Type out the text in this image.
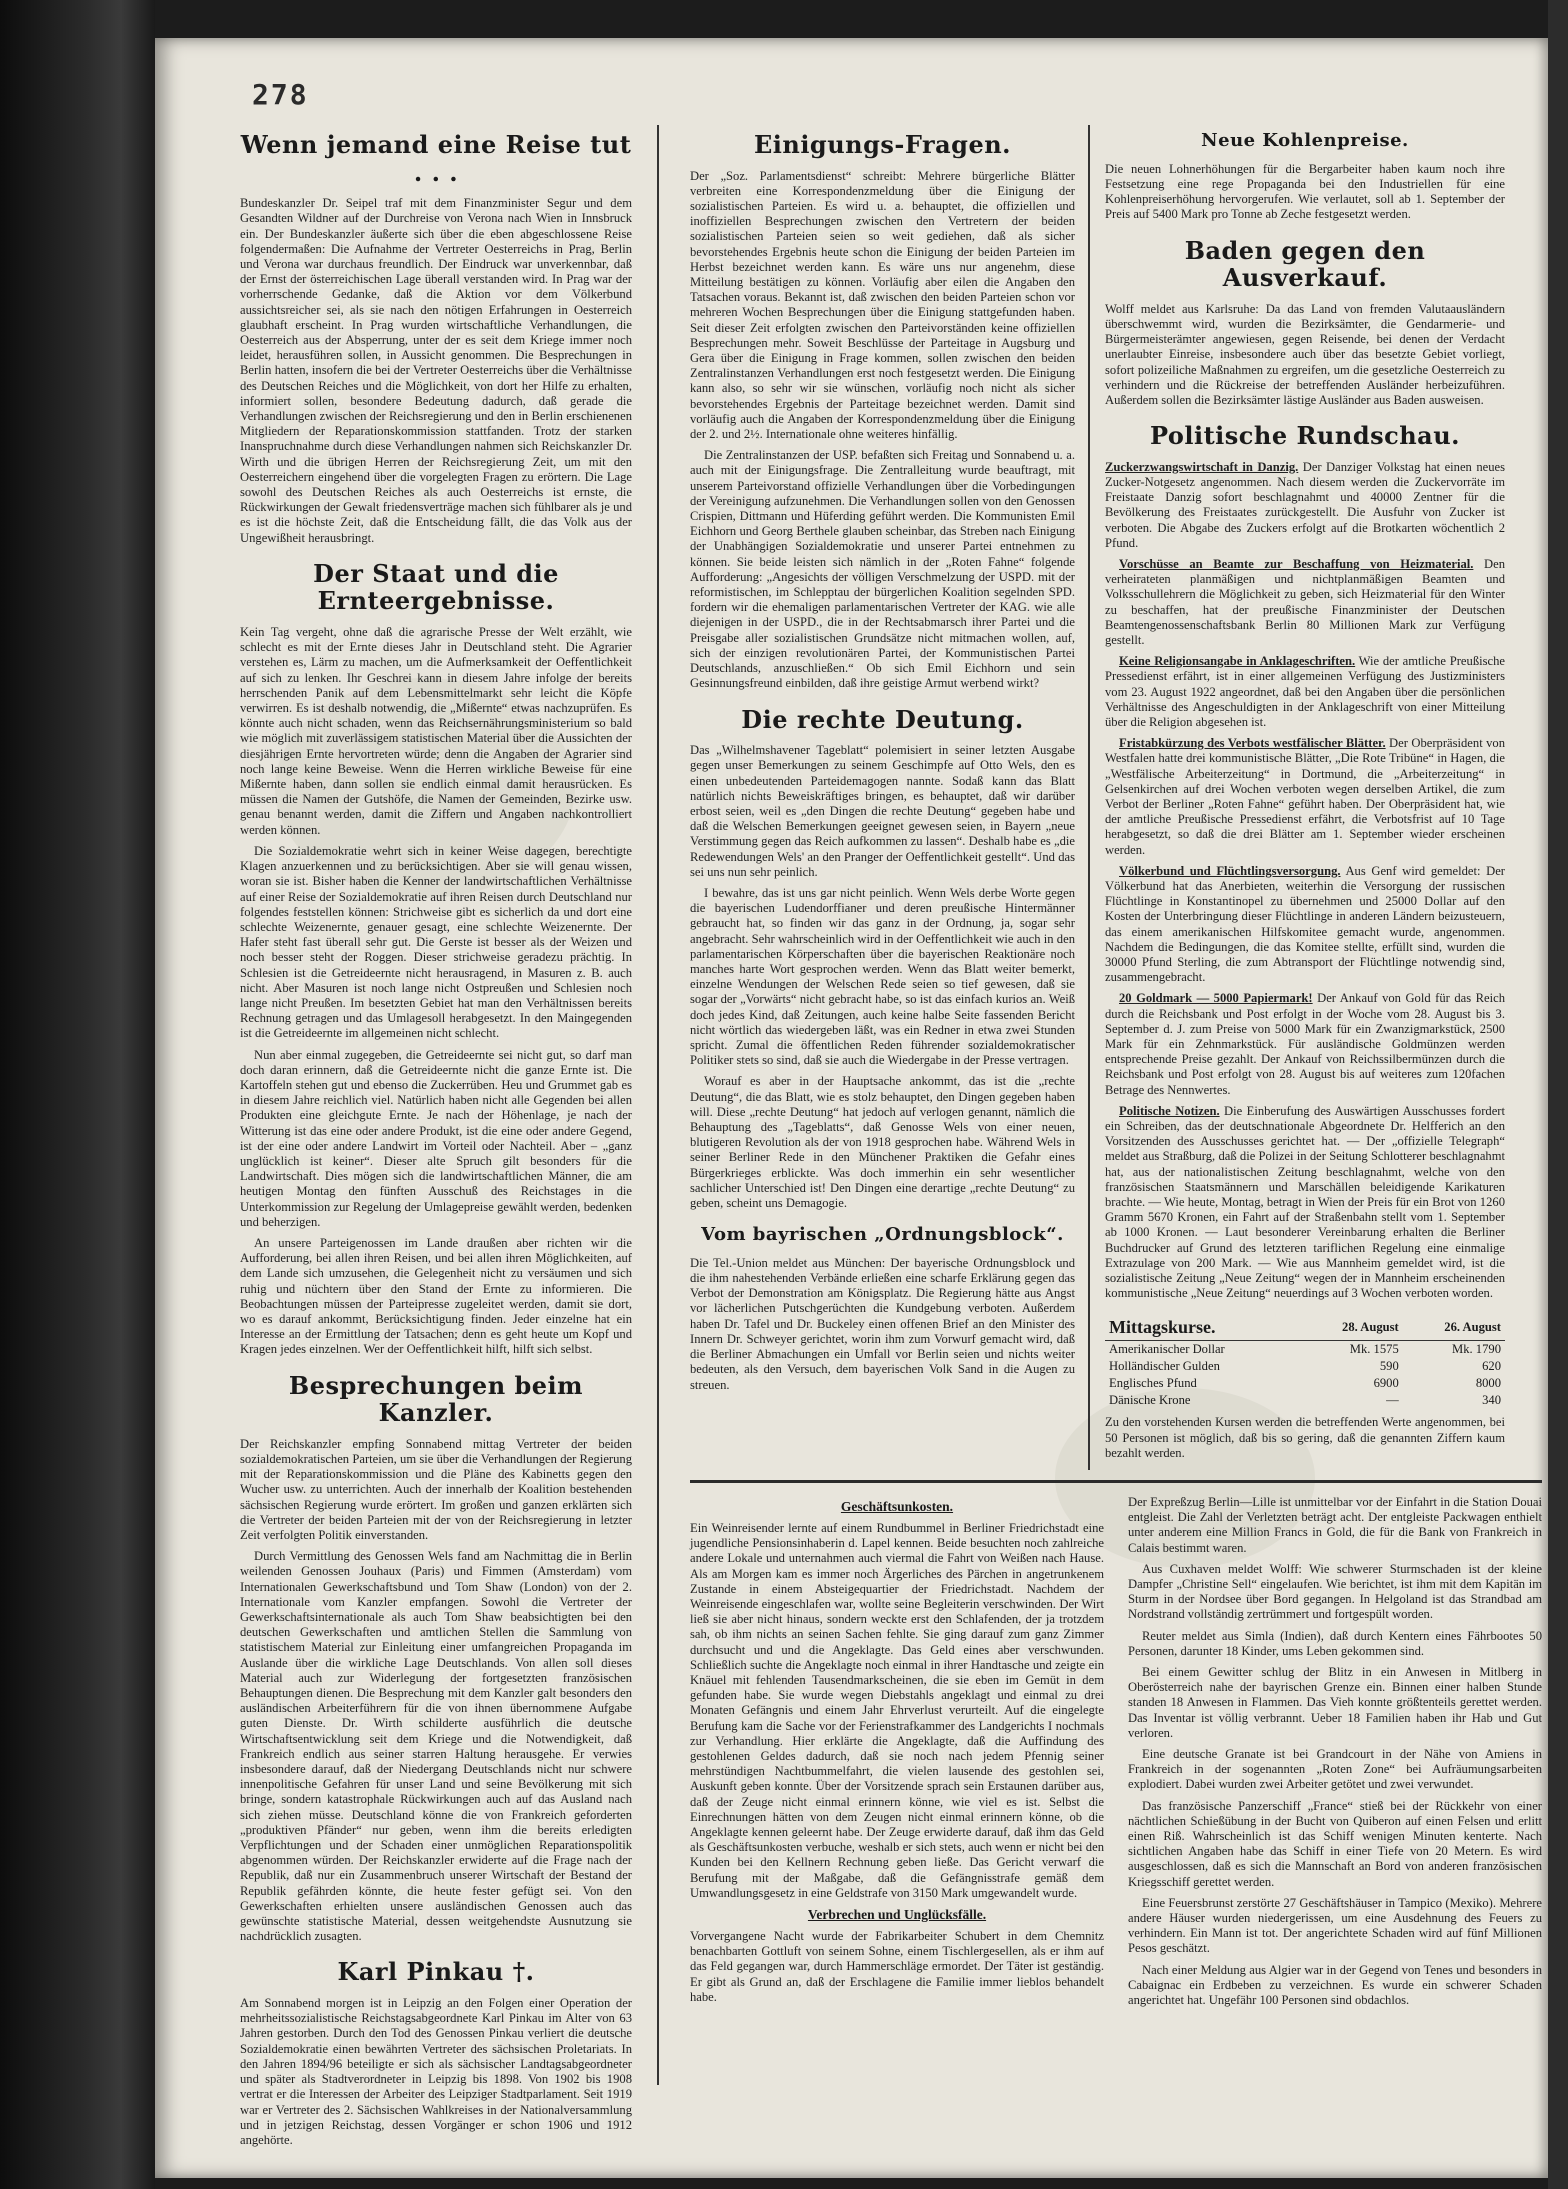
278
Wenn jemand eine Reise tut . . .

Bundeskanzler Dr. Seipel traf mit dem Finanzminister Segur und dem Gesandten Wildner auf der Durchreise von Verona nach Wien in Innsbruck ein. Der Bundeskanzler äußerte sich über die eben abgeschlossene Reise folgendermaßen: Die Aufnahme der Vertreter Oesterreichs in Prag, Berlin und Verona war durchaus freundlich. Der Eindruck war unverkennbar, daß der Ernst der österreichischen Lage überall verstanden wird. In Prag war der vorherrschende Gedanke, daß die Aktion vor dem Völkerbund aussichtsreicher sei, als sie nach den nötigen Erfahrungen in Oesterreich glaubhaft erscheint. In Prag wurden wirtschaftliche Verhandlungen, die Oesterreich aus der Absperrung, unter der es seit dem Kriege immer noch leidet, herausführen sollen, in Aussicht genommen. Die Besprechungen in Berlin hatten, insofern die bei der Vertreter Oesterreichs über die Verhältnisse des Deutschen Reiches und die Möglichkeit, von dort her Hilfe zu erhalten, informiert sollen, besondere Bedeutung dadurch, daß gerade die Verhandlungen zwischen der Reichsregierung und den in Berlin erschienenen Mitgliedern der Reparationskommission stattfanden. Trotz der starken Inanspruchnahme durch diese Verhandlungen nahmen sich Reichskanzler Dr. Wirth und die übrigen Herren der Reichsregierung Zeit, um mit den Oesterreichern eingehend über die vorgelegten Fragen zu erörtern. Die Lage sowohl des Deutschen Reiches als auch Oesterreichs ist ernste, die Rückwirkungen der Gewalt friedensverträge machen sich fühlbarer als je und es ist die höchste Zeit, daß die Entscheidung fällt, die das Volk aus der Ungewißheit herausbringt.

Der Staat und die Ernteergebnisse.

Kein Tag vergeht, ohne daß die agrarische Presse der Welt erzählt, wie schlecht es mit der Ernte dieses Jahr in Deutschland steht. Die Agrarier verstehen es, Lärm zu machen, um die Aufmerksamkeit der Oeffentlichkeit auf sich zu lenken. Ihr Geschrei kann in diesem Jahre infolge der bereits herrschenden Panik auf dem Lebensmittelmarkt sehr leicht die Köpfe verwirren. Es ist deshalb notwendig, die „Mißernte“ etwas nachzuprüfen. Es könnte auch nicht schaden, wenn das Reichsernährungsministerium so bald wie möglich mit zuverlässigem statistischen Material über die Aussichten der diesjährigen Ernte hervortreten würde; denn die Angaben der Agrarier sind noch lange keine Beweise. Wenn die Herren wirkliche Beweise für eine Mißernte haben, dann sollen sie endlich einmal damit herausrücken. Es müssen die Namen der Gutshöfe, die Namen der Gemeinden, Bezirke usw. genau benannt werden, damit die Ziffern und Angaben nachkontrolliert werden können.

Die Sozialdemokratie wehrt sich in keiner Weise dagegen, berechtigte Klagen anzuerkennen und zu berücksichtigen. Aber sie will genau wissen, woran sie ist. Bisher haben die Kenner der landwirtschaftlichen Verhältnisse auf einer Reise der Sozialdemokratie auf ihren Reisen durch Deutschland nur folgendes feststellen können: Strichweise gibt es sicherlich da und dort eine schlechte Weizenernte, genauer gesagt, eine schlechte Weizenernte. Der Hafer steht fast überall sehr gut. Die Gerste ist besser als der Weizen und noch besser steht der Roggen. Dieser strichweise geradezu prächtig. In Schlesien ist die Getreideernte nicht herausragend, in Masuren z. B. auch nicht. Aber Masuren ist noch lange nicht Ostpreußen und Schlesien noch lange nicht Preußen. Im besetzten Gebiet hat man den Verhältnissen bereits Rechnung getragen und das Umlagesoll herabgesetzt. In den Maingegenden ist die Getreideernte im allgemeinen nicht schlecht.

Nun aber einmal zugegeben, die Getreideernte sei nicht gut, so darf man doch daran erinnern, daß die Getreideernte nicht die ganze Ernte ist. Die Kartoffeln stehen gut und ebenso die Zuckerrüben. Heu und Grummet gab es in diesem Jahre reichlich viel. Natürlich haben nicht alle Gegenden bei allen Produkten eine gleichgute Ernte. Je nach der Höhenlage, je nach der Witterung ist das eine oder andere Produkt, ist die eine oder andere Gegend, ist der eine oder andere Landwirt im Vorteil oder Nachteil. Aber – „ganz unglücklich ist keiner“. Dieser alte Spruch gilt besonders für die Landwirtschaft. Dies mögen sich die landwirtschaftlichen Männer, die am heutigen Montag den fünften Ausschuß des Reichstages in die Unterkommission zur Regelung der Umlagepreise gewählt werden, bedenken und beherzigen.

An unsere Parteigenossen im Lande draußen aber richten wir die Aufforderung, bei allen ihren Reisen, und bei allen ihren Möglichkeiten, auf dem Lande sich umzusehen, die Gelegenheit nicht zu versäumen und sich ruhig und nüchtern über den Stand der Ernte zu informieren. Die Beobachtungen müssen der Parteipresse zugeleitet werden, damit sie dort, wo es darauf ankommt, Berücksichtigung finden. Jeder einzelne hat ein Interesse an der Ermittlung der Tatsachen; denn es geht heute um Kopf und Kragen jedes einzelnen. Wer der Oeffentlichkeit hilft, hilft sich selbst.

Besprechungen beim Kanzler.

Der Reichskanzler empfing Sonnabend mittag Vertreter der beiden sozialdemokratischen Parteien, um sie über die Verhandlungen der Regierung mit der Reparationskommission und die Pläne des Kabinetts gegen den Wucher usw. zu unterrichten. Auch der innerhalb der Koalition bestehenden sächsischen Regierung wurde erörtert. Im großen und ganzen erklärten sich die Vertreter der beiden Parteien mit der von der Reichsregierung in letzter Zeit verfolgten Politik einverstanden.

Durch Vermittlung des Genossen Wels fand am Nachmittag die in Berlin weilenden Genossen Jouhaux (Paris) und Fimmen (Amsterdam) vom Internationalen Gewerkschaftsbund und Tom Shaw (London) von der 2. Internationale vom Kanzler empfangen. Sowohl die Vertreter der Gewerkschaftsinternationale als auch Tom Shaw beabsichtigten bei den deutschen Gewerkschaften und amtlichen Stellen die Sammlung von statistischem Material zur Einleitung einer umfangreichen Propaganda im Auslande über die wirkliche Lage Deutschlands. Von allen soll dieses Material auch zur Widerlegung der fortgesetzten französischen Behauptungen dienen. Die Besprechung mit dem Kanzler galt besonders den ausländischen Arbeiterführern für die von ihnen übernommene Aufgabe guten Dienste. Dr. Wirth schilderte ausführlich die deutsche Wirtschaftsentwicklung seit dem Kriege und die Notwendigkeit, daß Frankreich endlich aus seiner starren Haltung herausgehe. Er verwies insbesondere darauf, daß der Niedergang Deutschlands nicht nur schwere innenpolitische Gefahren für unser Land und seine Bevölkerung mit sich bringe, sondern katastrophale Rückwirkungen auch auf das Ausland nach sich ziehen müsse. Deutschland könne die von Frankreich geforderten „produktiven Pfänder“ nur geben, wenn ihm die bereits erledigten Verpflichtungen und der Schaden einer unmöglichen Reparationspolitik abgenommen würden. Der Reichskanzler erwiderte auf die Frage nach der Republik, daß nur ein Zusammenbruch unserer Wirtschaft der Bestand der Republik gefährden könnte, die heute fester gefügt sei. Von den Gewerkschaften erhielten unsere ausländischen Genossen auch das gewünschte statistische Material, dessen weitgehendste Ausnutzung sie nachdrücklich zusagten.

Karl Pinkau †.

Am Sonnabend morgen ist in Leipzig an den Folgen einer Operation der mehrheitssozialistische Reichstagsabgeordnete Karl Pinkau im Alter von 63 Jahren gestorben. Durch den Tod des Genossen Pinkau verliert die deutsche Sozialdemokratie einen bewährten Vertreter des sächsischen Proletariats. In den Jahren 1894/96 beteiligte er sich als sächsischer Landtagsabgeordneter und später als Stadtverordneter in Leipzig bis 1898. Von 1902 bis 1908 vertrat er die Interessen der Arbeiter des Leipziger Stadtparlament. Seit 1919 war er Vertreter des 2. Sächsischen Wahlkreises in der Nationalversammlung und in jetzigen Reichstag, dessen Vorgänger er schon 1906 und 1912 angehörte.

Einigungs-Fragen.

Der „Soz. Parlamentsdienst“ schreibt: Mehrere bürgerliche Blätter verbreiten eine Korrespondenzmeldung über die Einigung der sozialistischen Parteien. Es wird u. a. behauptet, die offiziellen und inoffiziellen Besprechungen zwischen den Vertretern der beiden sozialistischen Parteien seien so weit gediehen, daß als sicher bevorstehendes Ergebnis heute schon die Einigung der beiden Parteien im Herbst bezeichnet werden kann. Es wäre uns nur angenehm, diese Mitteilung bestätigen zu können. Vorläufig aber eilen die Angaben den Tatsachen voraus. Bekannt ist, daß zwischen den beiden Parteien schon vor mehreren Wochen Besprechungen über die Einigung stattgefunden haben. Seit dieser Zeit erfolgten zwischen den Parteivorständen keine offiziellen Besprechungen mehr. Soweit Beschlüsse der Parteitage in Augsburg und Gera über die Einigung in Frage kommen, sollen zwischen den beiden Zentralinstanzen Verhandlungen erst noch festgesetzt werden. Die Einigung kann also, so sehr wir sie wünschen, vorläufig noch nicht als sicher bevorstehendes Ergebnis der Parteitage bezeichnet werden. Damit sind vorläufig auch die Angaben der Korrespondenzmeldung über die Einigung der 2. und 2½. Internationale ohne weiteres hinfällig.

Die Zentralinstanzen der USP. befaßten sich Freitag und Sonnabend u. a. auch mit der Einigungsfrage. Die Zentralleitung wurde beauftragt, mit unserem Parteivorstand offizielle Verhandlungen über die Vorbedingungen der Vereinigung aufzunehmen. Die Verhandlungen sollen von den Genossen Crispien, Dittmann und Hüferding geführt werden. Die Kommunisten Emil Eichhorn und Georg Berthele glauben scheinbar, das Streben nach Einigung der Unabhängigen Sozialdemokratie und unserer Partei entnehmen zu können. Sie beide leisten sich nämlich in der „Roten Fahne“ folgende Aufforderung: „Angesichts der völligen Verschmelzung der USPD. mit der reformistischen, im Schlepptau der bürgerlichen Koalition segelnden SPD. fordern wir die ehemaligen parlamentarischen Vertreter der KAG. wie alle diejenigen in der USPD., die in der Rechtsabmarsch ihrer Partei und die Preisgabe aller sozialistischen Grundsätze nicht mitmachen wollen, auf, sich der einzigen revolutionären Partei, der Kommunistischen Partei Deutschlands, anzuschließen.“ Ob sich Emil Eichhorn und sein Gesinnungsfreund einbilden, daß ihre geistige Armut werbend wirkt?

Die rechte Deutung.

Das „Wilhelmshavener Tageblatt“ polemisiert in seiner letzten Ausgabe gegen unser Bemerkungen zu seinem Geschimpfe auf Otto Wels, den es einen unbedeutenden Parteidemagogen nannte. Sodaß kann das Blatt natürlich nichts Beweiskräftiges bringen, es behauptet, daß wir darüber erbost seien, weil es „den Dingen die rechte Deutung“ gegeben habe und daß die Welschen Bemerkungen geeignet gewesen seien, in Bayern „neue Verstimmung gegen das Reich aufkommen zu lassen“. Deshalb habe es „die Redewendungen Wels' an den Pranger der Oeffentlichkeit gestellt“. Und das sei uns nun sehr peinlich.

I bewahre, das ist uns gar nicht peinlich. Wenn Wels derbe Worte gegen die bayerischen Ludendorffianer und deren preußische Hintermänner gebraucht hat, so finden wir das ganz in der Ordnung, ja, sogar sehr angebracht. Sehr wahrscheinlich wird in der Oeffentlichkeit wie auch in den parlamentarischen Körperschaften über die bayerischen Reaktionäre noch manches harte Wort gesprochen werden. Wenn das Blatt weiter bemerkt, einzelne Wendungen der Welschen Rede seien so tief gewesen, daß sie sogar der „Vorwärts“ nicht gebracht habe, so ist das einfach kurios an. Weiß doch jedes Kind, daß Zeitungen, auch keine halbe Seite fassenden Bericht nicht wörtlich das wiedergeben läßt, was ein Redner in etwa zwei Stunden spricht. Zumal die öffentlichen Reden führender sozialdemokratischer Politiker stets so sind, daß sie auch die Wiedergabe in der Presse vertragen.

Worauf es aber in der Hauptsache ankommt, das ist die „rechte Deutung“, die das Blatt, wie es stolz behauptet, den Dingen gegeben haben will. Diese „rechte Deutung“ hat jedoch auf verlogen genannt, nämlich die Behauptung des „Tageblatts“, daß Genosse Wels von einer neuen, blutigeren Revolution als der von 1918 gesprochen habe. Während Wels in seiner Berliner Rede in den Münchener Praktiken die Gefahr eines Bürgerkrieges erblickte. Was doch immerhin ein sehr wesentlicher sachlicher Unterschied ist! Den Dingen eine derartige „rechte Deutung“ zu geben, scheint uns Demagogie.

Vom bayrischen „Ordnungsblock“.

Die Tel.-Union meldet aus München: Der bayerische Ordnungsblock und die ihm nahestehenden Verbände erließen eine scharfe Erklärung gegen das Verbot der Demonstration am Königsplatz. Die Regierung hätte aus Angst vor lächerlichen Putschgerüchten die Kundgebung verboten. Außerdem haben Dr. Tafel und Dr. Buckeley einen offenen Brief an den Minister des Innern Dr. Schweyer gerichtet, worin ihm zum Vorwurf gemacht wird, daß die Berliner Abmachungen ein Umfall vor Berlin seien und nichts weiter bedeuten, als den Versuch, dem bayerischen Volk Sand in die Augen zu streuen.

Neue Kohlenpreise.

Die neuen Lohnerhöhungen für die Bergarbeiter haben kaum noch ihre Festsetzung eine rege Propaganda bei den Industriellen für eine Kohlenpreiserhöhung hervorgerufen. Wie verlautet, soll ab 1. September der Preis auf 5400 Mark pro Tonne ab Zeche festgesetzt werden.

Baden gegen den Ausverkauf.

Wolff meldet aus Karlsruhe: Da das Land von fremden Valutaausländern überschwemmt wird, wurden die Bezirksämter, die Gendarmerie- und Bürgermeisterämter angewiesen, gegen Reisende, bei denen der Verdacht unerlaubter Einreise, insbesondere auch über das besetzte Gebiet vorliegt, sofort polizeiliche Maßnahmen zu ergreifen, um die gesetzliche Oesterreich zu verhindern und die Rückreise der betreffenden Ausländer herbeizuführen. Außerdem sollen die Bezirksämter lästige Ausländer aus Baden ausweisen.

Politische Rundschau.

Zuckerzwangswirtschaft in Danzig. Der Danziger Volkstag hat einen neues Zucker-Notgesetz angenommen. Nach diesem werden die Zuckervorräte im Freistaate Danzig sofort beschlagnahmt und 40000 Zentner für die Bevölkerung des Freistaates zurückgestellt. Die Ausfuhr von Zucker ist verboten. Die Abgabe des Zuckers erfolgt auf die Brotkarten wöchentlich 2 Pfund.

Vorschüsse an Beamte zur Beschaffung von Heizmaterial. Den verheirateten planmäßigen und nichtplanmäßigen Beamten und Volksschullehrern die Möglichkeit zu geben, sich Heizmaterial für den Winter zu beschaffen, hat der preußische Finanzminister der Deutschen Beamtengenossenschaftsbank Berlin 80 Millionen Mark zur Verfügung gestellt.

Keine Religionsangabe in Anklageschriften. Wie der amtliche Preußische Pressedienst erfährt, ist in einer allgemeinen Verfügung des Justizministers vom 23. August 1922 angeordnet, daß bei den Angaben über die persönlichen Verhältnisse des Angeschuldigten in der Anklageschrift von einer Mitteilung über die Religion abgesehen ist.

Fristabkürzung des Verbots westfälischer Blätter. Der Oberpräsident von Westfalen hatte drei kommunistische Blätter, „Die Rote Tribüne“ in Hagen, die „Westfälische Arbeiterzeitung“ in Dortmund, die „Arbeiterzeitung“ in Gelsenkirchen auf drei Wochen verboten wegen derselben Artikel, die zum Verbot der Berliner „Roten Fahne“ geführt haben. Der Oberpräsident hat, wie der amtliche Preußische Pressedienst erfährt, die Verbotsfrist auf 10 Tage herabgesetzt, so daß die drei Blätter am 1. September wieder erscheinen werden.

Völkerbund und Flüchtlingsversorgung. Aus Genf wird gemeldet: Der Völkerbund hat das Anerbieten, weiterhin die Versorgung der russischen Flüchtlinge in Konstantinopel zu übernehmen und 25000 Dollar auf den Kosten der Unterbringung dieser Flüchtlinge in anderen Ländern beizusteuern, das einem amerikanischen Hilfskomitee gemacht wurde, angenommen. Nachdem die Bedingungen, die das Komitee stellte, erfüllt sind, wurden die 30000 Pfund Sterling, die zum Abtransport der Flüchtlinge notwendig sind, zusammengebracht.

20 Goldmark — 5000 Papiermark! Der Ankauf von Gold für das Reich durch die Reichsbank und Post erfolgt in der Woche vom 28. August bis 3. September d. J. zum Preise von 5000 Mark für ein Zwanzigmarkstück, 2500 Mark für ein Zehnmarkstück. Für ausländische Goldmünzen werden entsprechende Preise gezahlt. Der Ankauf von Reichssilbermünzen durch die Reichsbank und Post erfolgt von 28. August bis auf weiteres zum 120fachen Betrage des Nennwertes.

Politische Notizen. Die Einberufung des Auswärtigen Ausschusses fordert ein Schreiben, das der deutschnationale Abgeordnete Dr. Helfferich an den Vorsitzenden des Ausschusses gerichtet hat. — Der „offizielle Telegraph“ meldet aus Straßburg, daß die Polizei in der Seitung Schlotterer beschlagnahmt hat, aus der nationalistischen Zeitung beschlagnahmt, welche von den französischen Staatsmännern und Marschällen beleidigende Karikaturen brachte. — Wie heute, Montag, betragt in Wien der Preis für ein Brot von 1260 Gramm 5670 Kronen, ein Fahrt auf der Straßenbahn stellt vom 1. September ab 1000 Kronen. — Laut besonderer Vereinbarung erhalten die Berliner Buchdrucker auf Grund des letzteren tariflichen Regelung eine einmalige Extrazulage von 200 Mark. — Wie aus Mannheim gemeldet wird, ist die sozialistische Zeitung „Neue Zeitung“ wegen der in Mannheim erscheinenden kommunistische „Neue Zeitung“ neuerdings auf 3 Wochen verboten worden.

Mittagskurse.	28. August	26. August
Amerikanischer Dollar	Mk. 1575	Mk. 1790
Holländischer Gulden	590	620
Englisches Pfund	6900	8000
Dänische Krone	—	340

Zu den vorstehenden Kursen werden die betreffenden Werte angenommen, bei 50 Personen ist möglich, daß bis so gering, daß die genannten Ziffern kaum bezahlt werden.

Geschäftsunkosten.

Ein Weinreisender lernte auf einem Rundbummel in Berliner Friedrichstadt eine jugendliche Pensionsinhaberin d. Lapel kennen. Beide besuchten noch zahlreiche andere Lokale und unternahmen auch viermal die Fahrt von Weißen nach Hause. Als am Morgen kam es immer noch Ärgerliches des Pärchen in angetrunkenem Zustande in einem Absteigequartier der Friedrichstadt. Nachdem der Weinreisende eingeschlafen war, wollte seine Begleiterin verschwinden. Der Wirt ließ sie aber nicht hinaus, sondern weckte erst den Schlafenden, der ja trotzdem sah, ob ihm nichts an seinen Sachen fehlte. Sie ging darauf zum ganz Zimmer durchsucht und und die Angeklagte. Das Geld eines aber verschwunden. Schließlich suchte die Angeklagte noch einmal in ihrer Handtasche und zeigte ein Knäuel mit fehlenden Tausendmarkscheinen, die sie eben im Gemüt in dem gefunden habe. Sie wurde wegen Diebstahls angeklagt und einmal zu drei Monaten Gefängnis und einem Jahr Ehrverlust verurteilt. Auf die eingelegte Berufung kam die Sache vor der Ferienstrafkammer des Landgerichts I nochmals zur Verhandlung. Hier erklärte die Angeklagte, daß die Auffindung des gestohlenen Geldes dadurch, daß sie noch nach jedem Pfennig seiner mehrstündigen Nachtbummelfahrt, die vielen lausende des gestohlen sei, Auskunft geben konnte. Über der Vorsitzende sprach sein Erstaunen darüber aus, daß der Zeuge nicht einmal erinnern könne, wie viel es ist. Selbst die Einrechnungen hätten von dem Zeugen nicht einmal erinnern könne, ob die Angeklagte kennen geleernt habe. Der Zeuge erwiderte darauf, daß ihm das Geld als Geschäftsunkosten verbuche, weshalb er sich stets, auch wenn er nicht bei den Kunden bei den Kellnern Rechnung geben ließe. Das Gericht verwarf die Berufung mit der Maßgabe, daß die Gefängnisstrafe gemäß dem Umwandlungsgesetz in eine Geldstrafe von 3150 Mark umgewandelt wurde.

Verbrechen und Unglücksfälle.

Vorvergangene Nacht wurde der Fabrikarbeiter Schubert in dem Chemnitz benachbarten Gottluft von seinem Sohne, einem Tischlergesellen, als er ihm auf das Feld gegangen war, durch Hammerschläge ermordet. Der Täter ist geständig. Er gibt als Grund an, daß der Erschlagene die Familie immer lieblos behandelt habe.

Der Expreßzug Berlin—Lille ist unmittelbar vor der Einfahrt in die Station Douai entgleist. Die Zahl der Verletzten beträgt acht. Der entgleiste Packwagen enthielt unter anderem eine Million Francs in Gold, die für die Bank von Frankreich in Calais bestimmt waren.

Aus Cuxhaven meldet Wolff: Wie schwerer Sturmschaden ist der kleine Dampfer „Christine Sell“ eingelaufen. Wie berichtet, ist ihm mit dem Kapitän im Sturm in der Nordsee über Bord gegangen. In Helgoland ist das Strandbad am Nordstrand vollständig zertrümmert und fortgespült worden.

Reuter meldet aus Simla (Indien), daß durch Kentern eines Fährbootes 50 Personen, darunter 18 Kinder, ums Leben gekommen sind.

Bei einem Gewitter schlug der Blitz in ein Anwesen in Mitlberg in Oberösterreich nahe der bayrischen Grenze ein. Binnen einer halben Stunde standen 18 Anwesen in Flammen. Das Vieh konnte größtenteils gerettet werden. Das Inventar ist völlig verbrannt. Ueber 18 Familien haben ihr Hab und Gut verloren.

Eine deutsche Granate ist bei Grandcourt in der Nähe von Amiens in Frankreich in der sogenannten „Roten Zone“ bei Aufräumungsarbeiten explodiert. Dabei wurden zwei Arbeiter getötet und zwei verwundet.

Das französische Panzerschiff „France“ stieß bei der Rückkehr von einer nächtlichen Schießübung in der Bucht von Quiberon auf einen Felsen und erlitt einen Riß. Wahrscheinlich ist das Schiff wenigen Minuten kenterte. Nach sichtlichen Angaben habe das Schiff in einer Tiefe von 20 Metern. Es wird ausgeschlossen, daß es sich die Mannschaft an Bord von anderen französischen Kriegsschiff gerettet werden.

Eine Feuersbrunst zerstörte 27 Geschäftshäuser in Tampico (Mexiko). Mehrere andere Häuser wurden niedergerissen, um eine Ausdehnung des Feuers zu verhindern. Ein Mann ist tot. Der angerichtete Schaden wird auf fünf Millionen Pesos geschätzt.

Nach einer Meldung aus Algier war in der Gegend von Tenes und besonders in Cabaignac ein Erdbeben zu verzeichnen. Es wurde ein schwerer Schaden angerichtet hat. Ungefähr 100 Personen sind obdachlos.
